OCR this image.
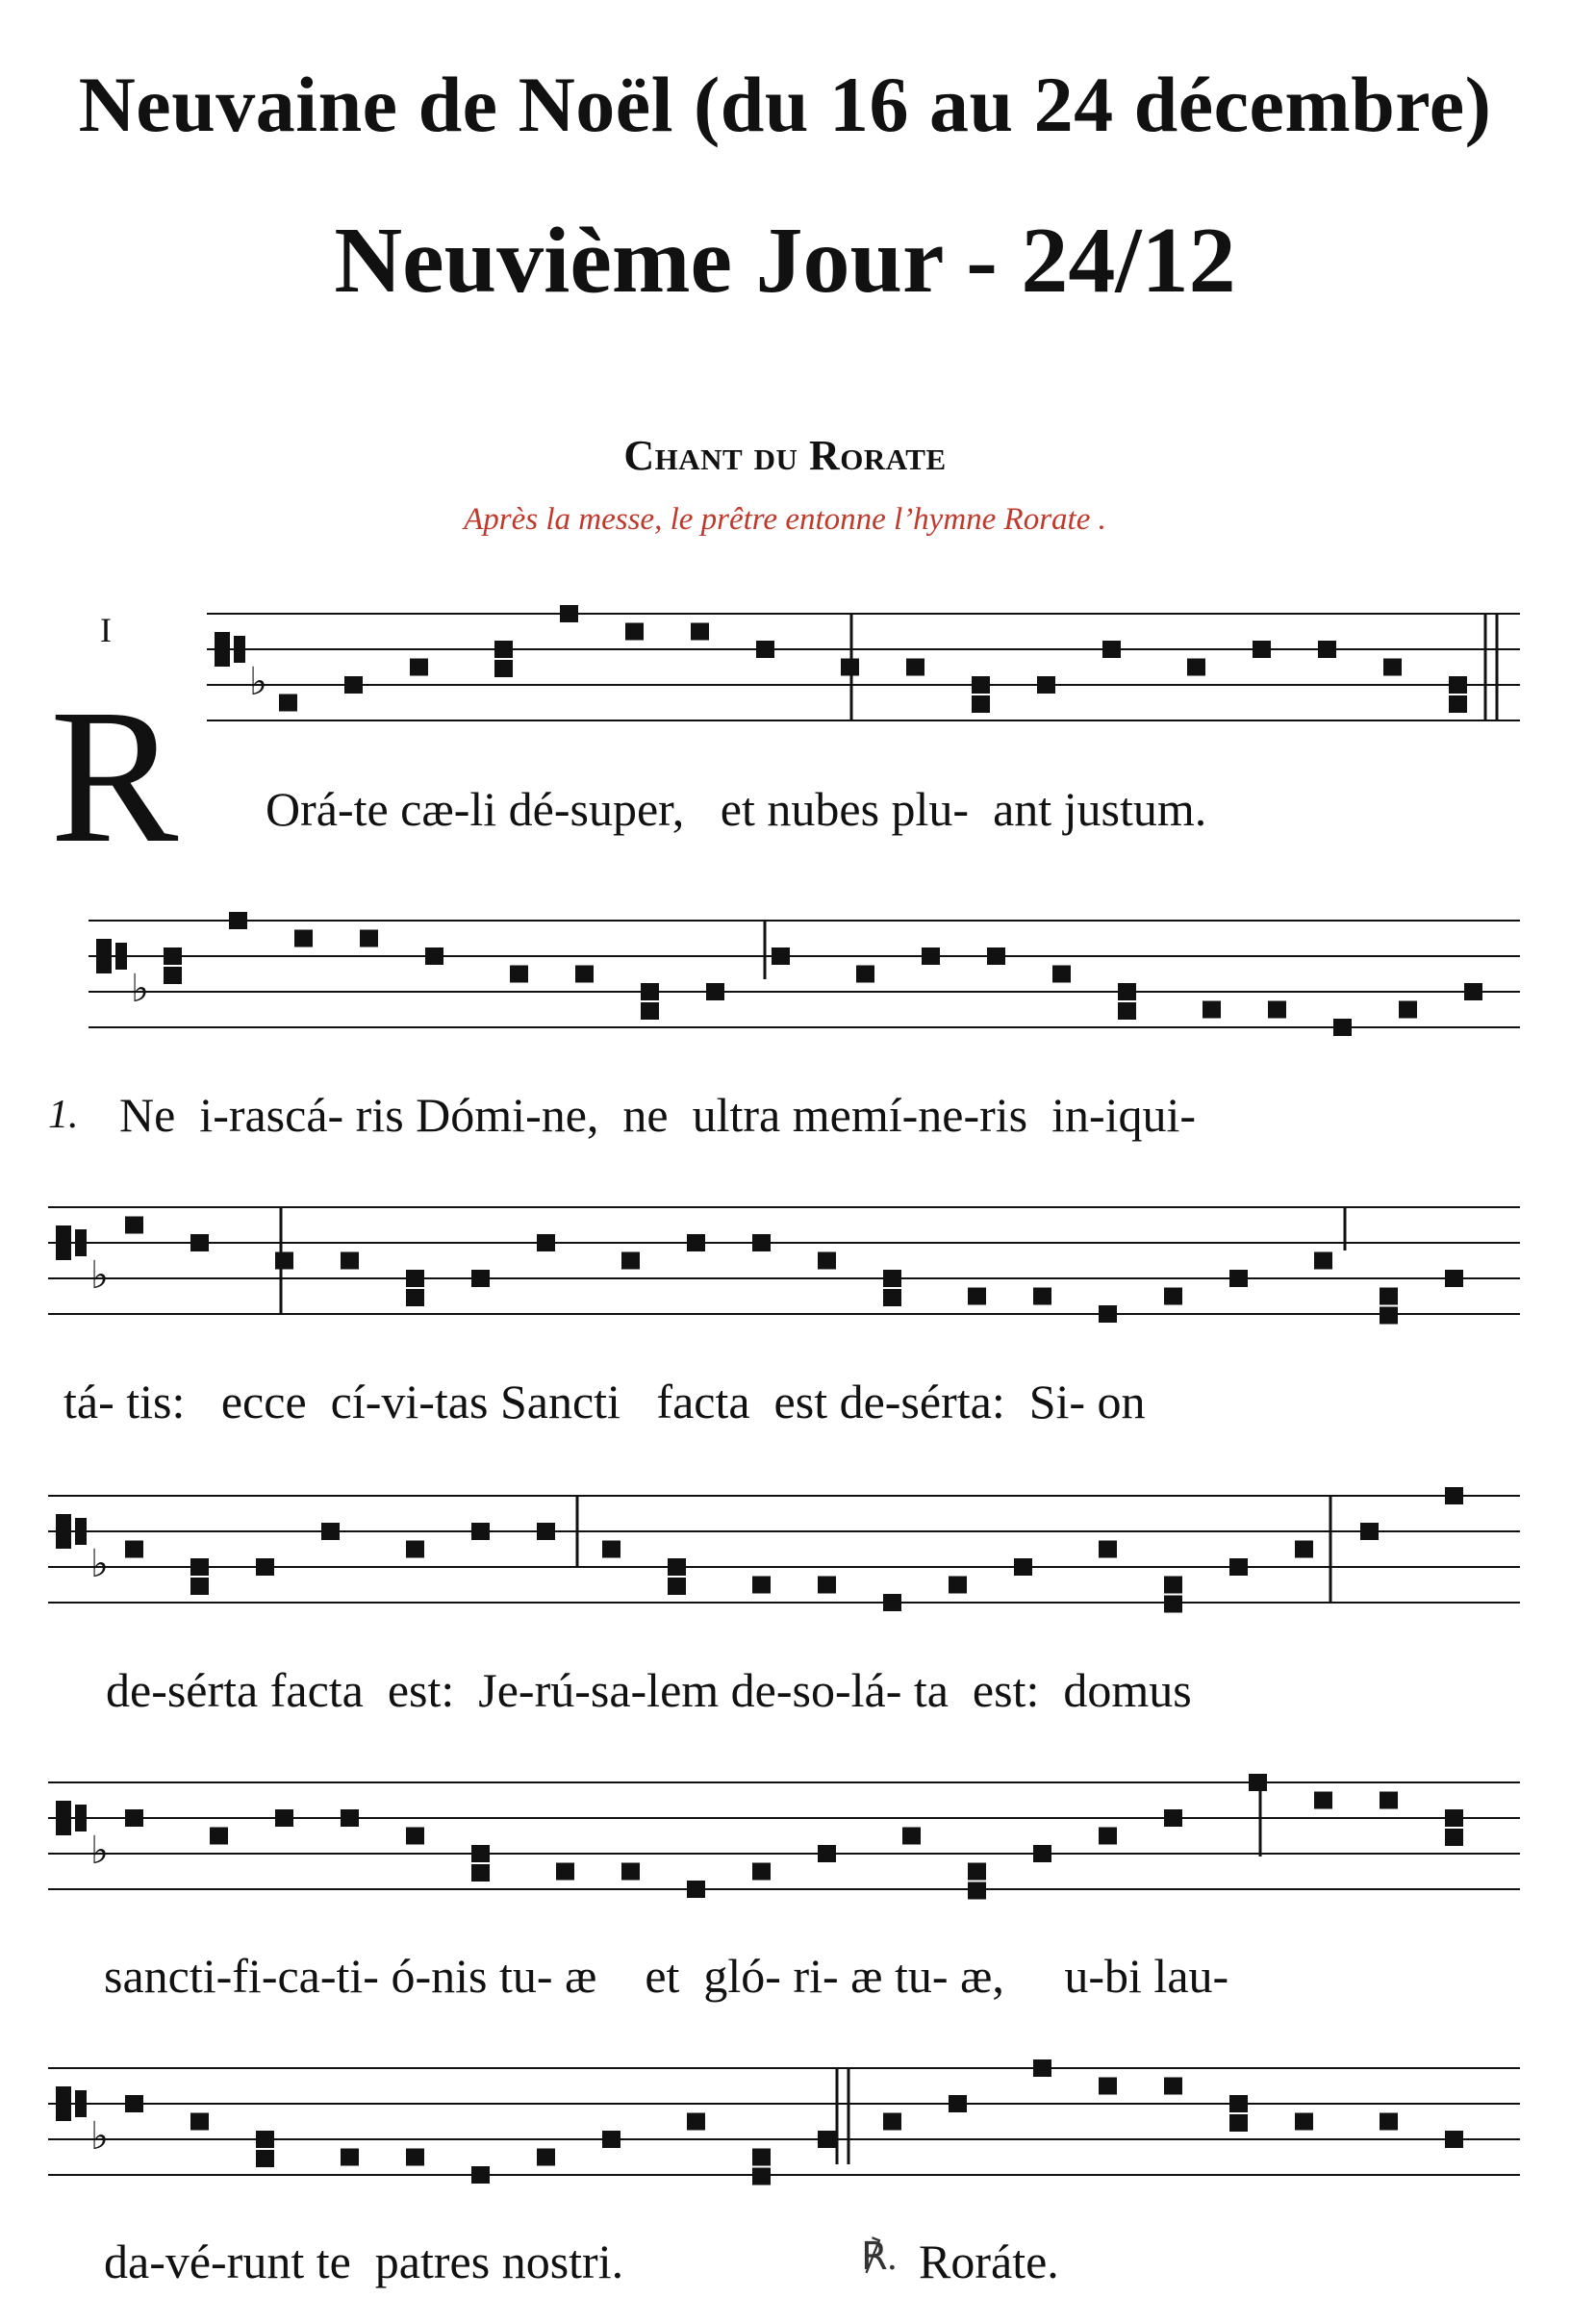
Neuvaine de Noël (du 16 au 24 décembre)
Neuvième Jour - 24/12
Chant du Rorate
Après la messe, le prêtre entonne l’hymne Rorate .
I
R ♭
♭
♭
♭
♭
♭
Orá-te cæ-li dé-super,   et nubes plu-  ant justum.
1. Ne  i-rascá- ris Dómi-ne,  ne  ultra memí-ne-ris  in-iqui-
tá- tis:   ecce  cí-vi-tas Sancti   facta  est de-sérta:  Si- on
de-sérta facta  est:  Je-rú-sa-lem de-so-lá- ta  est:  domus
sancti-fi-ca-ti- ó-nis tu- æ    et  gló- ri- æ tu- æ,     u-bi lau-
da-vé-runt te  patres nostri.	℟. Roráte.
